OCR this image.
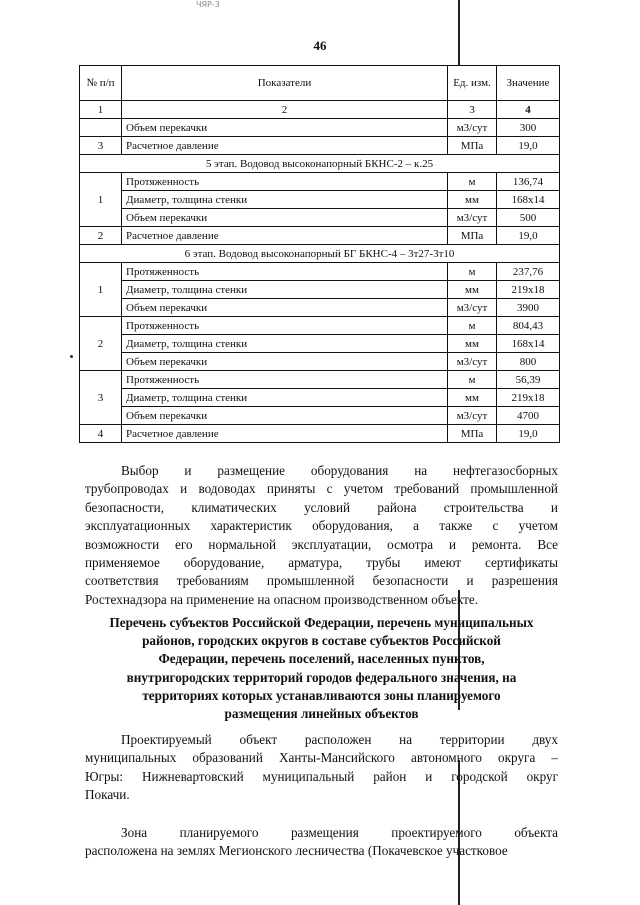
ЧЯР-3
46
№ п/п	Показатели	Ед. изм.	Значение
1	2	3	4
	Объем перекачки	м3/сут	300
3	Расчетное давление	МПа	19,0
5 этап. Водовод высоконапорный БКНС-2 – к.25			
1	Протяженность	м	136,74
	Диаметр, толщина стенки	мм	168х14
	Объем перекачки	м3/сут	500
2	Расчетное давление	МПа	19,0
6 этап. Водовод высоконапорный БГ БКНС-4 – 3т27-3т10			
1	Протяженность	м	237,76
	Диаметр, толщина стенки	мм	219х18
	Объем перекачки	м3/сут	3900
2	Протяженность	м	804,43
	Диаметр, толщина стенки	мм	168х14
	Объем перекачки	м3/сут	800
3	Протяженность	м	56,39
	Диаметр, толщина стенки	мм	219х18
	Объем перекачки	м3/сут	4700
4	Расчетное давление	МПа	19,0
Выбор и размещение оборудования на нефтегазосборных
трубопроводах и водоводах приняты с учетом требований промышленной
безопасности, климатических условий района строительства и
эксплуатационных характеристик оборудования, а также с учетом
возможности его нормальной эксплуатации, осмотра и ремонта. Все
применяемое оборудование, арматура, трубы имеют сертификаты
соответствия требованиям промышленной безопасности и разрешения
Ростехнадзора на применение на опасном производственном объекте.
Перечень субъектов Российской Федерации, перечень муниципальных
районов, городских округов в составе субъектов Российской
Федерации, перечень поселений, населенных пунктов,
внутригородских территорий городов федерального значения, на
территориях которых устанавливаются зоны планируемого
размещения линейных объектов
Проектируемый объект расположен на территории двух
муниципальных образований Ханты-Мансийского автономного округа –
Югры: Нижневартовский муниципальный район и городской округ
Покачи.
Зона планируемого размещения проектируемого объекта
расположена на землях Мегионского лесничества (Покачевское участковое
